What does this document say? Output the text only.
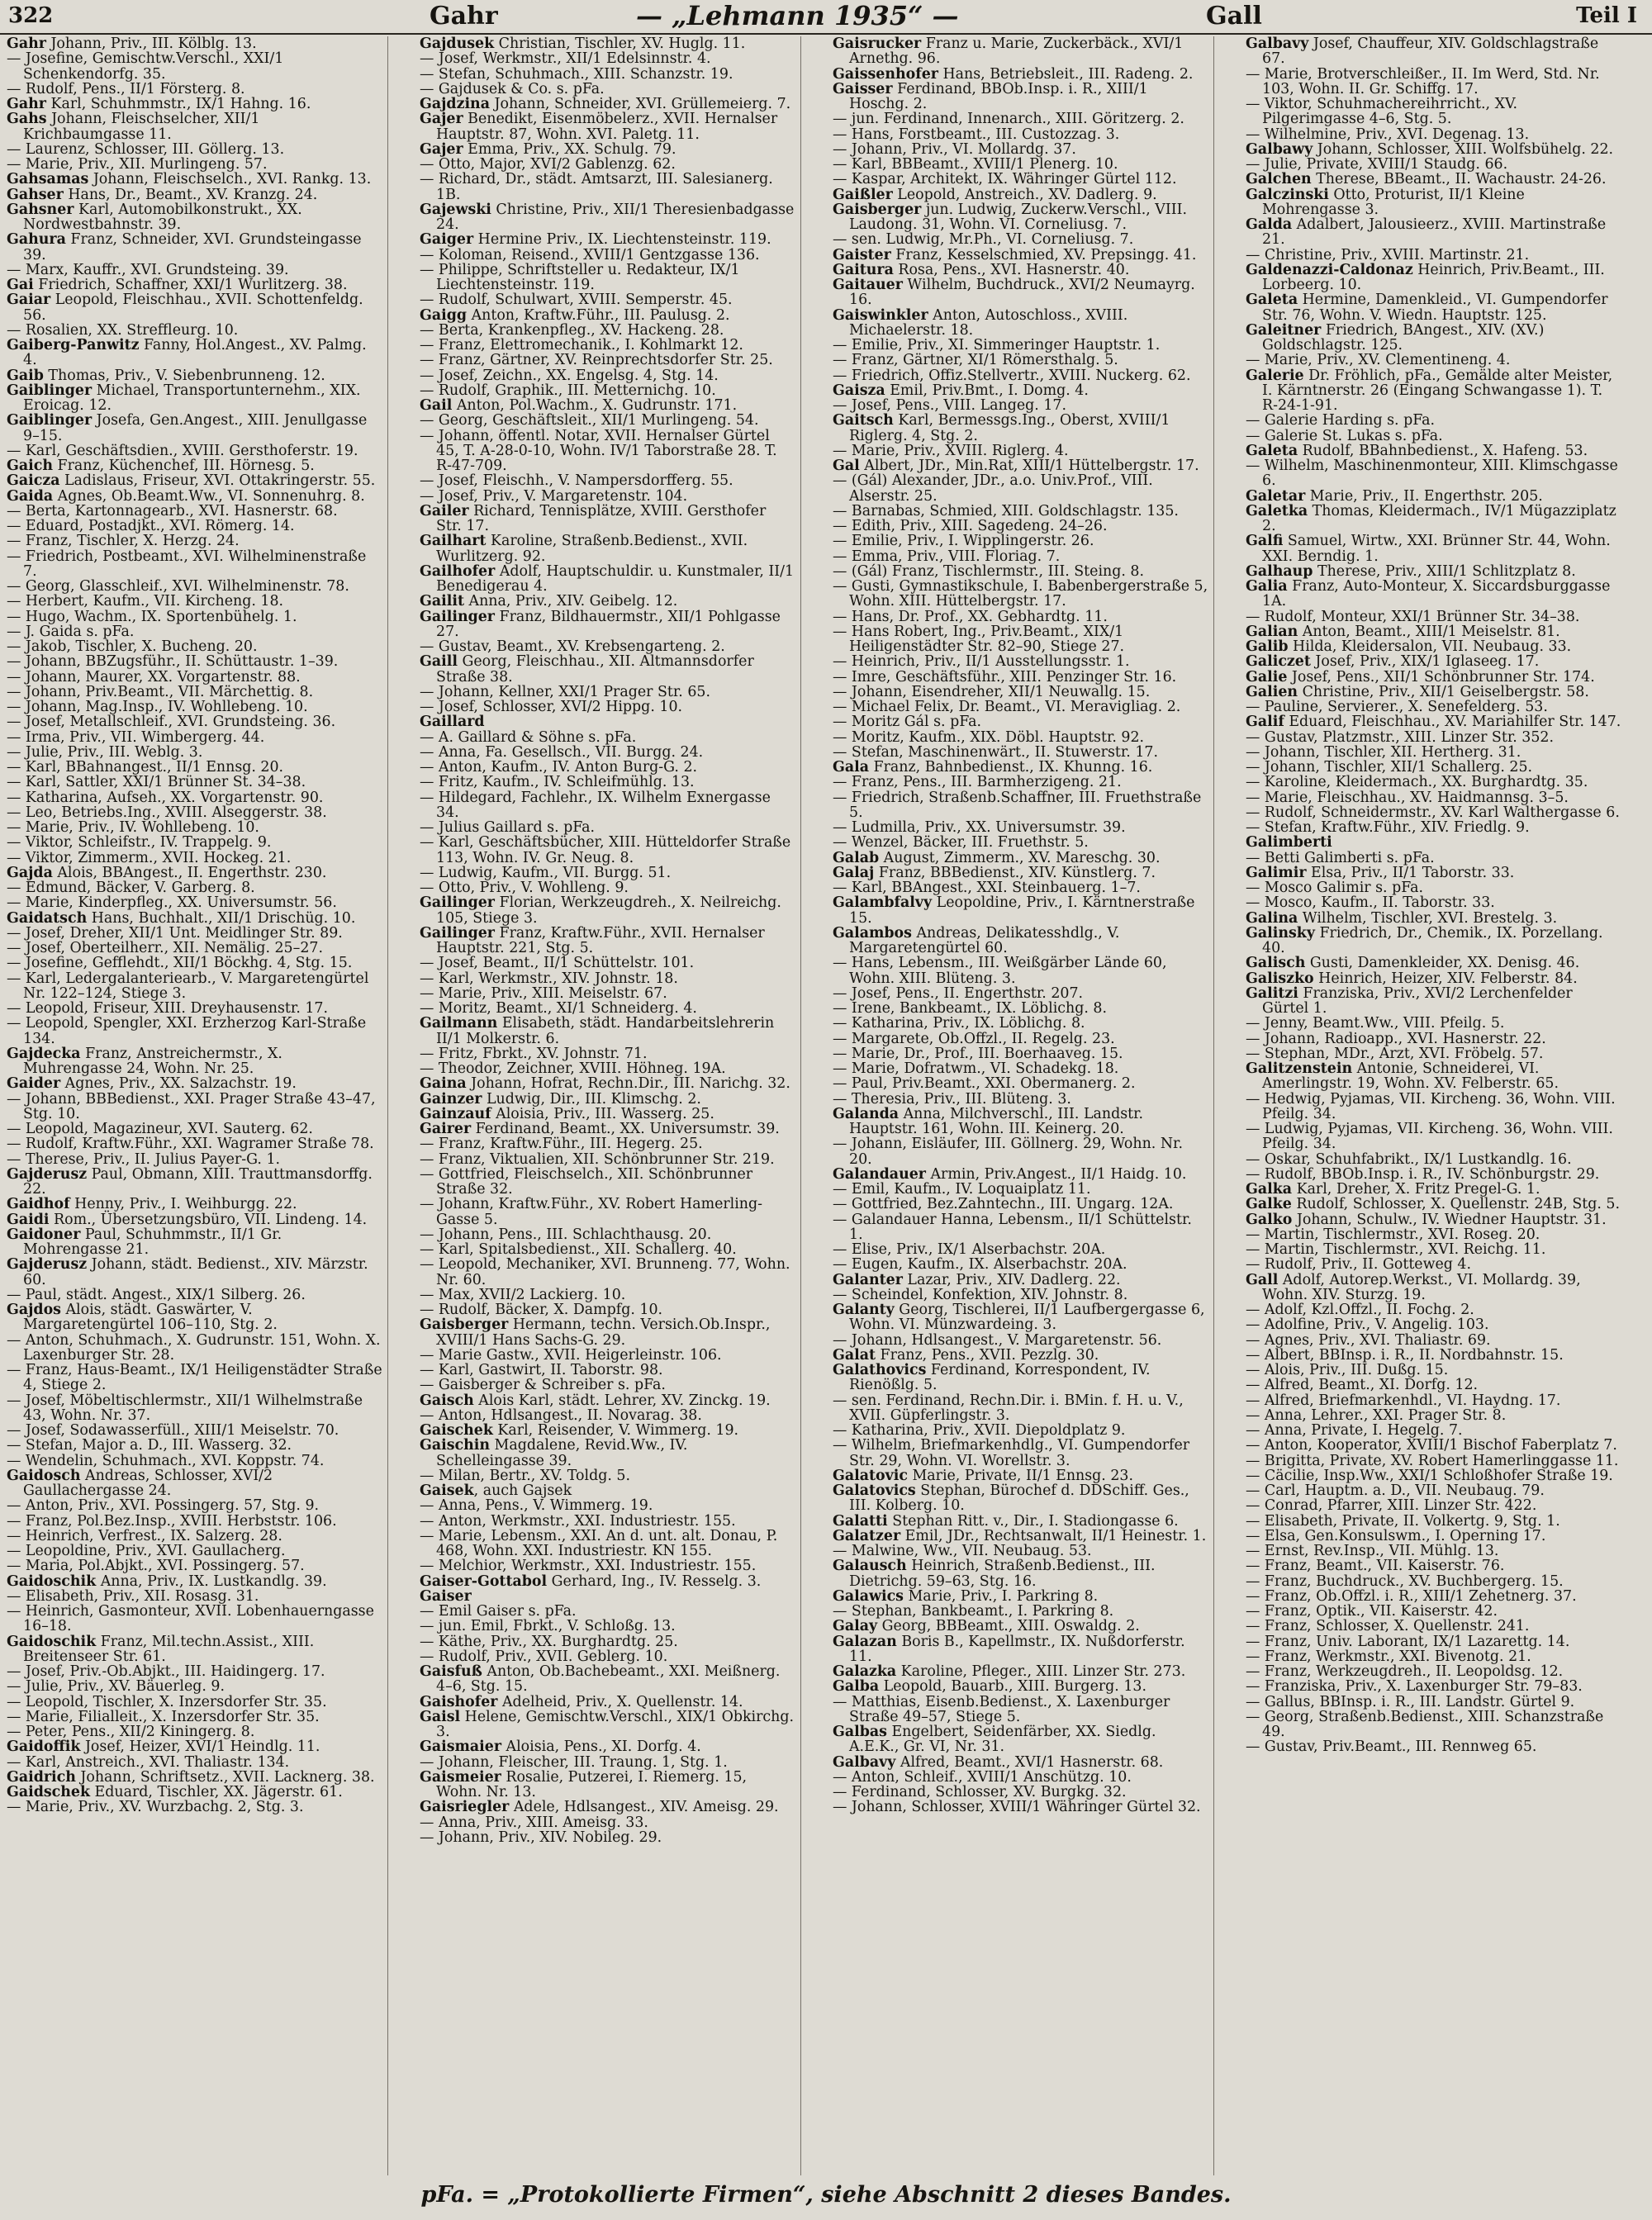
322	Gahr	— „Lehmann 1935“ —	Gall	Teil I
Gahr Johann, Priv., III. Kölblg. 13.
— Josefine, Gemischtw.Verschl., XXI/1 Schenkendorfg. 35.
— Rudolf, Pens., II/1 Försterg. 8.
Gahr Karl, Schuhmmstr., IX/1 Hahng. 16.
Gahs Johann, Fleischselcher, XII/1 Krichbaumgasse 11.
— Laurenz, Schlosser, III. Göllerg. 13.
— Marie, Priv., XII. Murlingeng. 57.
Gahsamas Johann, Fleischselch., XVI. Rankg. 13.
Gahser Hans, Dr., Beamt., XV. Kranzg. 24.
Gahsner Karl, Automobilkonstrukt., XX. Nordwestbahnstr. 39.
Gahura Franz, Schneider, XVI. Grundsteingasse 39.
— Marx, Kauffr., XVI. Grundsteing. 39.
Gai Friedrich, Schaffner, XXI/1 Wurlitzerg. 38.
Gaiar Leopold, Fleischhau., XVII. Schottenfeldg. 56.
— Rosalien, XX. Streffleurg. 10.
Gaiberg-Panwitz Fanny, Hol.Angest., XV. Palmg. 4.
Gaib Thomas, Priv., V. Siebenbrunneng. 12.
Gaiblinger Michael, Transportunternehm., XIX. Eroicag. 12.
Gaiblinger Josefa, Gen.Angest., XIII. Jenullgasse 9–15.
— Karl, Geschäftsdien., XVIII. Gersthoferstr. 19.
Gaich Franz, Küchenchef, III. Hörnesg. 5.
Gaicza Ladislaus, Friseur, XVI. Ottakringerstr. 55.
Gaida Agnes, Ob.Beamt.Ww., VI. Sonnenuhrg. 8.
— Berta, Kartonnagearb., XVI. Hasnerstr. 68.
— Eduard, Postadjkt., XVI. Römerg. 14.
— Franz, Tischler, X. Herzg. 24.
— Friedrich, Postbeamt., XVI. Wilhelminenstraße 7.
— Georg, Glasschleif., XVI. Wilhelminenstr. 78.
— Herbert, Kaufm., VII. Kircheng. 18.
— Hugo, Wachm., IX. Sportenbühelg. 1.
— J. Gaida s. pFa.
— Jakob, Tischler, X. Bucheng. 20.
— Johann, BBZugsführ., II. Schüttaustr. 1–39.
— Johann, Maurer, XX. Vorgartenstr. 88.
— Johann, Priv.Beamt., VII. Märchettig. 8.
— Johann, Mag.Insp., IV. Wohllebeng. 10.
— Josef, Metallschleif., XVI. Grundsteing. 36.
— Irma, Priv., VII. Wimbergerg. 44.
— Julie, Priv., III. Weblg. 3.
— Karl, BBahnangest., II/1 Ennsg. 20.
— Karl, Sattler, XXI/1 Brünner St. 34–38.
— Katharina, Aufseh., XX. Vorgartenstr. 90.
— Leo, Betriebs.Ing., XVIII. Alseggerstr. 38.
— Marie, Priv., IV. Wohllebeng. 10.
— Viktor, Schleifstr., IV. Trappelg. 9.
— Viktor, Zimmerm., XVII. Hockeg. 21.
Gajda Alois, BBAngest., II. Engerthstr. 230.
— Edmund, Bäcker, V. Garberg. 8.
— Marie, Kinderpfleg., XX. Universumstr. 56.
Gaidatsch Hans, Buchhalt., XII/1 Drischüg. 10.
— Josef, Dreher, XII/1 Unt. Meidlinger Str. 89.
— Josef, Oberteilherr., XII. Nemälig. 25–27.
— Josefine, Gefflehdt., XII/1 Böckhg. 4, Stg. 15.
— Karl, Ledergalanteriearb., V. Margaretengürtel Nr. 122–124, Stiege 3.
— Leopold, Friseur, XIII. Dreyhausenstr. 17.
— Leopold, Spengler, XXI. Erzherzog Karl-Straße 134.
Gajdecka Franz, Anstreichermstr., X. Muhrengasse 24, Wohn. Nr. 25.
Gaider Agnes, Priv., XX. Salzachstr. 19.
— Johann, BBBedienst., XXI. Prager Straße 43–47, Stg. 10.
— Leopold, Magazineur, XVI. Sauterg. 62.
— Rudolf, Kraftw.Führ., XXI. Wagramer Straße 78.
— Therese, Priv., II. Julius Payer-G. 1.
Gajderusz Paul, Obmann, XIII. Trauttmansdorffg. 22.
Gaidhof Henny, Priv., I. Weihburgg. 22.
Gaidi Rom., Übersetzungsbüro, VII. Lindeng. 14.
Gaidoner Paul, Schuhmmstr., II/1 Gr. Mohrengasse 21.
Gajderusz Johann, städt. Bedienst., XIV. Märzstr. 60.
— Paul, städt. Angest., XIX/1 Silberg. 26.
Gajdos Alois, städt. Gaswärter, V. Margaretengürtel 106–110, Stg. 2.
— Anton, Schuhmach., X. Gudrunstr. 151, Wohn. X. Laxenburger Str. 28.
— Franz, Haus-Beamt., IX/1 Heiligenstädter Straße 4, Stiege 2.
— Josef, Möbeltischlermstr., XII/1 Wilhelmstraße 43, Wohn. Nr. 37.
— Josef, Sodawasserfüll., XIII/1 Meiselstr. 70.
— Stefan, Major a. D., III. Wasserg. 32.
— Wendelin, Schuhmach., XVI. Koppstr. 74.
Gaidosch Andreas, Schlosser, XVI/2 Gaullachergasse 24.
— Anton, Priv., XVI. Possingerg. 57, Stg. 9.
— Franz, Pol.Bez.Insp., XVIII. Herbststr. 106.
— Heinrich, Verfrest., IX. Salzerg. 28.
— Leopoldine, Priv., XVI. Gaullacherg.
— Maria, Pol.Abjkt., XVI. Possingerg. 57.
Gaidoschik Anna, Priv., IX. Lustkandlg. 39.
— Elisabeth, Priv., XII. Rosasg. 31.
— Heinrich, Gasmonteur, XVII. Lobenhauerngasse 16–18.
Gaidoschik Franz, Mil.techn.Assist., XIII. Breitenseer Str. 61.
— Josef, Priv.-Ob.Abjkt., III. Haidingerg. 17.
— Julie, Priv., XV. Bäuerleg. 9.
— Leopold, Tischler, X. Inzersdorfer Str. 35.
— Marie, Filialleit., X. Inzersdorfer Str. 35.
— Peter, Pens., XII/2 Kiningerg. 8.
Gaidoffik Josef, Heizer, XVI/1 Heindlg. 11.
— Karl, Anstreich., XVI. Thaliastr. 134.
Gaidrich Johann, Schriftsetz., XVII. Lacknerg. 38.
Gaidschek Eduard, Tischler, XX. Jägerstr. 61.
— Marie, Priv., XV. Wurzbachg. 2, Stg. 3.
Gajdusek Christian, Tischler, XV. Huglg. 11.
— Josef, Werkmstr., XII/1 Edelsinnstr. 4.
— Stefan, Schuhmach., XIII. Schanzstr. 19.
— Gajdusek & Co. s. pFa.
Gajdzina Johann, Schneider, XVI. Grüllemeierg. 7.
Gajer Benedikt, Eisenmöbelerz., XVII. Hernalser Hauptstr. 87, Wohn. XVI. Paletg. 11.
Gajer Emma, Priv., XX. Schulg. 79.
— Otto, Major, XVI/2 Gablenzg. 62.
— Richard, Dr., städt. Amtsarzt, III. Salesianerg. 1B.
Gajewski Christine, Priv., XII/1 Theresienbadgasse 24.
Gaiger Hermine Priv., IX. Liechtensteinstr. 119.
— Koloman, Reisend., XVIII/1 Gentzgasse 136.
— Philippe, Schriftsteller u. Redakteur, IX/1 Liechtensteinstr. 119.
— Rudolf, Schulwart, XVIII. Semperstr. 45.
Gaigg Anton, Kraftw.Führ., III. Paulusg. 2.
— Berta, Krankenpfleg., XV. Hackeng. 28.
— Franz, Elettromechanik., I. Kohlmarkt 12.
— Franz, Gärtner, XV. Reinprechtsdorfer Str. 25.
— Josef, Zeichn., XX. Engelsg. 4, Stg. 14.
— Rudolf, Graphik., III. Metternichg. 10.
Gail Anton, Pol.Wachm., X. Gudrunstr. 171.
— Georg, Geschäftsleit., XII/1 Murlingeng. 54.
— Johann, öffentl. Notar, XVII. Hernalser Gürtel 45, T. A-28-0-10, Wohn. IV/1 Taborstraße 28. T. R-47-709.
— Josef, Fleischh., V. Nampersdorfferg. 55.
— Josef, Priv., V. Margaretenstr. 104.
Gailer Richard, Tennisplätze, XVIII. Gersthofer Str. 17.
Gailhart Karoline, Straßenb.Bedienst., XVII. Wurlitzerg. 92.
Gailhofer Adolf, Hauptschuldir. u. Kunstmaler, II/1 Benedigerau 4.
Gailit Anna, Priv., XIV. Geibelg. 12.
Gailinger Franz, Bildhauermstr., XII/1 Pohlgasse 27.
— Gustav, Beamt., XV. Krebsengarteng. 2.
Gaill Georg, Fleischhau., XII. Altmannsdorfer Straße 38.
— Johann, Kellner, XXI/1 Prager Str. 65.
— Josef, Schlosser, XVI/2 Hippg. 10.
Gaillard
— A. Gaillard & Söhne s. pFa.
— Anna, Fa. Gesellsch., VII. Burgg. 24.
— Anton, Kaufm., IV. Anton Burg-G. 2.
— Fritz, Kaufm., IV. Schleifmühlg. 13.
— Hildegard, Fachlehr., IX. Wilhelm Exnergasse 34.
— Julius Gaillard s. pFa.
— Karl, Geschäftsbücher, XIII. Hütteldorfer Straße 113, Wohn. IV. Gr. Neug. 8.
— Ludwig, Kaufm., VII. Burgg. 51.
— Otto, Priv., V. Wohlleng. 9.
Gailinger Florian, Werkzeugdreh., X. Neilreichg. 105, Stiege 3.
Gailinger Franz, Kraftw.Führ., XVII. Hernalser Hauptstr. 221, Stg. 5.
— Josef, Beamt., II/1 Schüttelstr. 101.
— Karl, Werkmstr., XIV. Johnstr. 18.
— Marie, Priv., XIII. Meiselstr. 67.
— Moritz, Beamt., XI/1 Schneiderg. 4.
Gailmann Elisabeth, städt. Handarbeitslehrerin II/1 Molkerstr. 6.
— Fritz, Fbrkt., XV. Johnstr. 71.
— Theodor, Zeichner, XVIII. Höhneg. 19A.
Gaina Johann, Hofrat, Rechn.Dir., III. Narichg. 32.
Gainzer Ludwig, Dir., III. Klimschg. 2.
Gainzauf Aloisia, Priv., III. Wasserg. 25.
Gairer Ferdinand, Beamt., XX. Universumstr. 39.
— Franz, Kraftw.Führ., III. Hegerg. 25.
— Franz, Viktualien, XII. Schönbrunner Str. 219.
— Gottfried, Fleischselch., XII. Schönbrunner Straße 32.
— Johann, Kraftw.Führ., XV. Robert Hamerling-Gasse 5.
— Johann, Pens., III. Schlachthausg. 20.
— Karl, Spitalsbedienst., XII. Schallerg. 40.
— Leopold, Mechaniker, XVI. Brunneng. 77, Wohn. Nr. 60.
— Max, XVII/2 Lackierg. 10.
— Rudolf, Bäcker, X. Dampfg. 10.
Gaisberger Hermann, techn. Versich.Ob.Inspr., XVIII/1 Hans Sachs-G. 29.
— Marie Gastw., XVII. Heigerleinstr. 106.
— Karl, Gastwirt, II. Taborstr. 98.
— Gaisberger & Schreiber s. pFa.
Gaisch Alois Karl, städt. Lehrer, XV. Zinckg. 19.
— Anton, Hdlsangest., II. Novarag. 38.
Gaischek Karl, Reisender, V. Wimmerg. 19.
Gaischin Magdalene, Revid.Ww., IV. Schelleingasse 39.
— Milan, Bertr., XV. Toldg. 5.
Gaisek, auch Gajsek
— Anna, Pens., V. Wimmerg. 19.
— Anton, Werkmstr., XXI. Industriestr. 155.
— Marie, Lebensm., XXI. An d. unt. alt. Donau, P. 468, Wohn. XXI. Industriestr. KN 155.
— Melchior, Werkmstr., XXI. Industriestr. 155.
Gaiser-Gottabol Gerhard, Ing., IV. Resselg. 3.
Gaiser
— Emil Gaiser s. pFa.
— jun. Emil, Fbrkt., V. Schloßg. 13.
— Käthe, Priv., XX. Burghardtg. 25.
— Rudolf, Priv., XVII. Geblerg. 10.
Gaisfuß Anton, Ob.Bachebeamt., XXI. Meißnerg. 4–6, Stg. 15.
Gaishofer Adelheid, Priv., X. Quellenstr. 14.
Gaisl Helene, Gemischtw.Verschl., XIX/1 Obkirchg. 3.
Gaismaier Aloisia, Pens., XI. Dorfg. 4.
— Johann, Fleischer, III. Traung. 1, Stg. 1.
Gaismeier Rosalie, Putzerei, I. Riemerg. 15, Wohn. Nr. 13.
Gaisriegler Adele, Hdlsangest., XIV. Ameisg. 29.
— Anna, Priv., XIII. Ameisg. 33.
— Johann, Priv., XIV. Nobileg. 29.
Gaisrucker Franz u. Marie, Zuckerbäck., XVI/1 Arnethg. 96.
Gaissenhofer Hans, Betriebsleit., III. Radeng. 2.
Gaisser Ferdinand, BBOb.Insp. i. R., XIII/1 Hoschg. 2.
— jun. Ferdinand, Innenarch., XIII. Göritzerg. 2.
— Hans, Forstbeamt., III. Custozzag. 3.
— Johann, Priv., VI. Mollardg. 37.
— Karl, BBBeamt., XVIII/1 Plenerg. 10.
— Kaspar, Architekt, IX. Währinger Gürtel 112.
Gaißler Leopold, Anstreich., XV. Dadlerg. 9.
Gaisberger jun. Ludwig, Zuckerw.Verschl., VIII. Laudong. 31, Wohn. VI. Corneliusg. 7.
— sen. Ludwig, Mr.Ph., VI. Corneliusg. 7.
Gaister Franz, Kesselschmied, XV. Prepsingg. 41.
Gaitura Rosa, Pens., XVI. Hasnerstr. 40.
Gaitauer Wilhelm, Buchdruck., XVI/2 Neumayrg. 16.
Gaiswinkler Anton, Autoschloss., XVIII. Michaelerstr. 18.
— Emilie, Priv., XI. Simmeringer Hauptstr. 1.
— Franz, Gärtner, XI/1 Römersthalg. 5.
— Friedrich, Offiz.Stellvertr., XVIII. Nuckerg. 62.
Gaisza Emil, Priv.Bmt., I. Domg. 4.
— Josef, Pens., VIII. Langeg. 17.
Gaitsch Karl, Bermessgs.Ing., Oberst, XVIII/1 Riglerg. 4, Stg. 2.
— Marie, Priv., XVIII. Riglerg. 4.
Gal Albert, JDr., Min.Rat, XIII/1 Hüttelbergstr. 17.
— (Gál) Alexander, JDr., a.o. Univ.Prof., VIII. Alserstr. 25.
— Barnabas, Schmied, XIII. Goldschlagstr. 135.
— Edith, Priv., XIII. Sagedeng. 24–26.
— Emilie, Priv., I. Wipplingerstr. 26.
— Emma, Priv., VIII. Floriag. 7.
— (Gál) Franz, Tischlermstr., III. Steing. 8.
— Gusti, Gymnastikschule, I. Babenbergerstraße 5, Wohn. XIII. Hüttelbergstr. 17.
— Hans, Dr. Prof., XX. Gebhardtg. 11.
— Hans Robert, Ing., Priv.Beamt., XIX/1 Heiligenstädter Str. 82–90, Stiege 27.
— Heinrich, Priv., II/1 Ausstellungsstr. 1.
— Imre, Geschäftsführ., XIII. Penzinger Str. 16.
— Johann, Eisendreher, XII/1 Neuwallg. 15.
— Michael Felix, Dr. Beamt., VI. Meravigliag. 2.
— Moritz Gál s. pFa.
— Moritz, Kaufm., XIX. Döbl. Hauptstr. 92.
— Stefan, Maschinenwärt., II. Stuwerstr. 17.
Gala Franz, Bahnbedienst., IX. Khunng. 16.
— Franz, Pens., III. Barmherzigeng. 21.
— Friedrich, Straßenb.Schaffner, III. Fruethstraße 5.
— Ludmilla, Priv., XX. Universumstr. 39.
— Wenzel, Bäcker, III. Fruethstr. 5.
Galab August, Zimmerm., XV. Mareschg. 30.
Galaj Franz, BBBedienst., XIV. Künstlerg. 7.
— Karl, BBAngest., XXI. Steinbauerg. 1–7.
Galambfalvy Leopoldine, Priv., I. Kärntnerstraße 15.
Galambos Andreas, Delikatesshdlg., V. Margaretengürtel 60.
— Hans, Lebensm., III. Weißgärber Lände 60, Wohn. XIII. Blüteng. 3.
— Josef, Pens., II. Engerthstr. 207.
— Irene, Bankbeamt., IX. Löblichg. 8.
— Katharina, Priv., IX. Löblichg. 8.
— Margarete, Ob.Offzl., II. Regelg. 23.
— Marie, Dr., Prof., III. Boerhaaveg. 15.
— Marie, Dofratwm., VI. Schadekg. 18.
— Paul, Priv.Beamt., XXI. Obermanerg. 2.
— Theresia, Priv., III. Blüteng. 3.
Galanda Anna, Milchverschl., III. Landstr. Hauptstr. 161, Wohn. III. Keinerg. 20.
— Johann, Eisläufer, III. Göllnerg. 29, Wohn. Nr. 20.
Galandauer Armin, Priv.Angest., II/1 Haidg. 10.
— Emil, Kaufm., IV. Loquaiplatz 11.
— Gottfried, Bez.Zahntechn., III. Ungarg. 12A.
— Galandauer Hanna, Lebensm., II/1 Schüttelstr. 1.
— Elise, Priv., IX/1 Alserbachstr. 20A.
— Eugen, Kaufm., IX. Alserbachstr. 20A.
Galanter Lazar, Priv., XIV. Dadlerg. 22.
— Scheindel, Konfektion, XIV. Johnstr. 8.
Galanty Georg, Tischlerei, II/1 Laufbergergasse 6, Wohn. VI. Münzwardeing. 3.
— Johann, Hdlsangest., V. Margaretenstr. 56.
Galat Franz, Pens., XVII. Pezzlg. 30.
Galathovics Ferdinand, Korrespondent, IV. Rienößlg. 5.
— sen. Ferdinand, Rechn.Dir. i. BMin. f. H. u. V., XVII. Güpferlingstr. 3.
— Katharina, Priv., XVII. Diepoldplatz 9.
— Wilhelm, Briefmarkenhdlg., VI. Gumpendorfer Str. 29, Wohn. VI. Worellstr. 3.
Galatovic Marie, Private, II/1 Ennsg. 23.
Galatovics Stephan, Bürochef d. DDSchiff. Ges., III. Kolberg. 10.
Galatti Stephan Ritt. v., Dir., I. Stadiongasse 6.
Galatzer Emil, JDr., Rechtsanwalt, II/1 Heinestr. 1.
— Malwine, Ww., VII. Neubaug. 53.
Galausch Heinrich, Straßenb.Bedienst., III. Dietrichg. 59–63, Stg. 16.
Galawics Marie, Priv., I. Parkring 8.
— Stephan, Bankbeamt., I. Parkring 8.
Galay Georg, BBBeamt., XIII. Oswaldg. 2.
Galazan Boris B., Kapellmstr., IX. Nußdorferstr. 11.
Galazka Karoline, Pfleger., XIII. Linzer Str. 273.
Galba Leopold, Bauarb., XIII. Burgerg. 13.
— Matthias, Eisenb.Bedienst., X. Laxenburger Straße 49–57, Stiege 5.
Galbas Engelbert, Seidenfärber, XX. Siedlg. A.E.K., Gr. VI, Nr. 31.
Galbavy Alfred, Beamt., XVI/1 Hasnerstr. 68.
— Anton, Schleif., XVIII/1 Anschützg. 10.
— Ferdinand, Schlosser, XV. Burgkg. 32.
— Johann, Schlosser, XVIII/1 Währinger Gürtel 32.
Galbavy Josef, Chauffeur, XIV. Goldschlagstraße 67.
— Marie, Brotverschleißer., II. Im Werd, Std. Nr. 103, Wohn. II. Gr. Schiffg. 17.
— Viktor, Schuhmachereihrricht., XV. Pilgerimgasse 4–6, Stg. 5.
— Wilhelmine, Priv., XVI. Degenag. 13.
Galbawy Johann, Schlosser, XIII. Wolfsbühelg. 22.
— Julie, Private, XVIII/1 Staudg. 66.
Galchen Therese, BBeamt., II. Wachaustr. 24-26.
Galczinski Otto, Proturist, II/1 Kleine Mohrengasse 3.
Galda Adalbert, Jalousieerz., XVIII. Martinstraße 21.
— Christine, Priv., XVIII. Martinstr. 21.
Galdenazzi-Caldonaz Heinrich, Priv.Beamt., III. Lorbeerg. 10.
Galeta Hermine, Damenkleid., VI. Gumpendorfer Str. 76, Wohn. V. Wiedn. Hauptstr. 125.
Galeitner Friedrich, BAngest., XIV. (XV.) Goldschlagstr. 125.
— Marie, Priv., XV. Clementineng. 4.
Galerie Dr. Fröhlich, pFa., Gemälde alter Meister, I. Kärntnerstr. 26 (Eingang Schwangasse 1). T. R-24-1-91.
— Galerie Harding s. pFa.
— Galerie St. Lukas s. pFa.
Galeta Rudolf, BBahnbedienst., X. Hafeng. 53.
— Wilhelm, Maschinenmonteur, XIII. Klimschgasse 6.
Galetar Marie, Priv., II. Engerthstr. 205.
Galetka Thomas, Kleidermach., IV/1 Mügazziplatz 2.
Galfi Samuel, Wirtw., XXI. Brünner Str. 44, Wohn. XXI. Berndig. 1.
Galhaup Therese, Priv., XIII/1 Schlitzplatz 8.
Galia Franz, Auto-Monteur, X. Siccardsburggasse 1A.
— Rudolf, Monteur, XXI/1 Brünner Str. 34–38.
Galian Anton, Beamt., XIII/1 Meiselstr. 81.
Galib Hilda, Kleidersalon, VII. Neubaug. 33.
Galiczet Josef, Priv., XIX/1 Iglaseeg. 17.
Galie Josef, Pens., XII/1 Schönbrunner Str. 174.
Galien Christine, Priv., XII/1 Geiselbergstr. 58.
— Pauline, Servierer., X. Senefelderg. 53.
Galif Eduard, Fleischhau., XV. Mariahilfer Str. 147.
— Gustav, Platzmstr., XIII. Linzer Str. 352.
— Johann, Tischler, XII. Hertherg. 31.
— Johann, Tischler, XII/1 Schallerg. 25.
— Karoline, Kleidermach., XX. Burghardtg. 35.
— Marie, Fleischhau., XV. Haidmannsg. 3–5.
— Rudolf, Schneidermstr., XV. Karl Walthergasse 6.
— Stefan, Kraftw.Führ., XIV. Friedlg. 9.
Galimberti
— Betti Galimberti s. pFa.
Galimir Elsa, Priv., II/1 Taborstr. 33.
— Mosco Galimir s. pFa.
— Mosco, Kaufm., II. Taborstr. 33.
Galina Wilhelm, Tischler, XVI. Brestelg. 3.
Galinsky Friedrich, Dr., Chemik., IX. Porzellang. 40.
Galisch Gusti, Damenkleider, XX. Denisg. 46.
Galiszko Heinrich, Heizer, XIV. Felberstr. 84.
Galitzi Franziska, Priv., XVI/2 Lerchenfelder Gürtel 1.
— Jenny, Beamt.Ww., VIII. Pfeilg. 5.
— Johann, Radioapp., XVI. Hasnerstr. 22.
— Stephan, MDr., Arzt, XVI. Fröbelg. 57.
Galitzenstein Antonie, Schneiderei, VI. Amerlingstr. 19, Wohn. XV. Felberstr. 65.
— Hedwig, Pyjamas, VII. Kircheng. 36, Wohn. VIII. Pfeilg. 34.
— Ludwig, Pyjamas, VII. Kircheng. 36, Wohn. VIII. Pfeilg. 34.
— Oskar, Schuhfabrikt., IX/1 Lustkandlg. 16.
— Rudolf, BBOb.Insp. i. R., IV. Schönburgstr. 29.
Galka Karl, Dreher, X. Fritz Pregel-G. 1.
Galke Rudolf, Schlosser, X. Quellenstr. 24B, Stg. 5.
Galko Johann, Schulw., IV. Wiedner Hauptstr. 31.
— Martin, Tischlermstr., XVI. Roseg. 20.
— Martin, Tischlermstr., XVI. Reichg. 11.
— Rudolf, Priv., II. Gotteweg 4.
Gall Adolf, Autorep.Werkst., VI. Mollardg. 39, Wohn. XIV. Sturzg. 19.
— Adolf, Kzl.Offzl., II. Fochg. 2.
— Adolfine, Priv., V. Angelig. 103.
— Agnes, Priv., XVI. Thaliastr. 69.
— Albert, BBInsp. i. R., II. Nordbahnstr. 15.
— Alois, Priv., III. Dußg. 15.
— Alfred, Beamt., XI. Dorfg. 12.
— Alfred, Briefmarkenhdl., VI. Haydng. 17.
— Anna, Lehrer., XXI. Prager Str. 8.
— Anna, Private, I. Hegelg. 7.
— Anton, Kooperator, XVIII/1 Bischof Faberplatz 7.
— Brigitta, Private, XV. Robert Hamerlinggasse 11.
— Cäcilie, Insp.Ww., XXI/1 Schloßhofer Straße 19.
— Carl, Hauptm. a. D., VII. Neubaug. 79.
— Conrad, Pfarrer, XIII. Linzer Str. 422.
— Elisabeth, Private, II. Volkertg. 9, Stg. 1.
— Elsa, Gen.Konsulswm., I. Operning 17.
— Ernst, Rev.Insp., VII. Mühlg. 13.
— Franz, Beamt., VII. Kaiserstr. 76.
— Franz, Buchdruck., XV. Buchbergerg. 15.
— Franz, Ob.Offzl. i. R., XIII/1 Zehetnerg. 37.
— Franz, Optik., VII. Kaiserstr. 42.
— Franz, Schlosser, X. Quellenstr. 241.
— Franz, Univ. Laborant, IX/1 Lazarettg. 14.
— Franz, Werkmstr., XXI. Bivenotg. 21.
— Franz, Werkzeugdreh., II. Leopoldsg. 12.
— Franziska, Priv., X. Laxenburger Str. 79–83.
— Gallus, BBInsp. i. R., III. Landstr. Gürtel 9.
— Georg, Straßenb.Bedienst., XIII. Schanzstraße 49.
— Gustav, Priv.Beamt., III. Rennweg 65.
pFa. = „Protokollierte Firmen“, siehe Abschnitt 2 dieses Bandes.
